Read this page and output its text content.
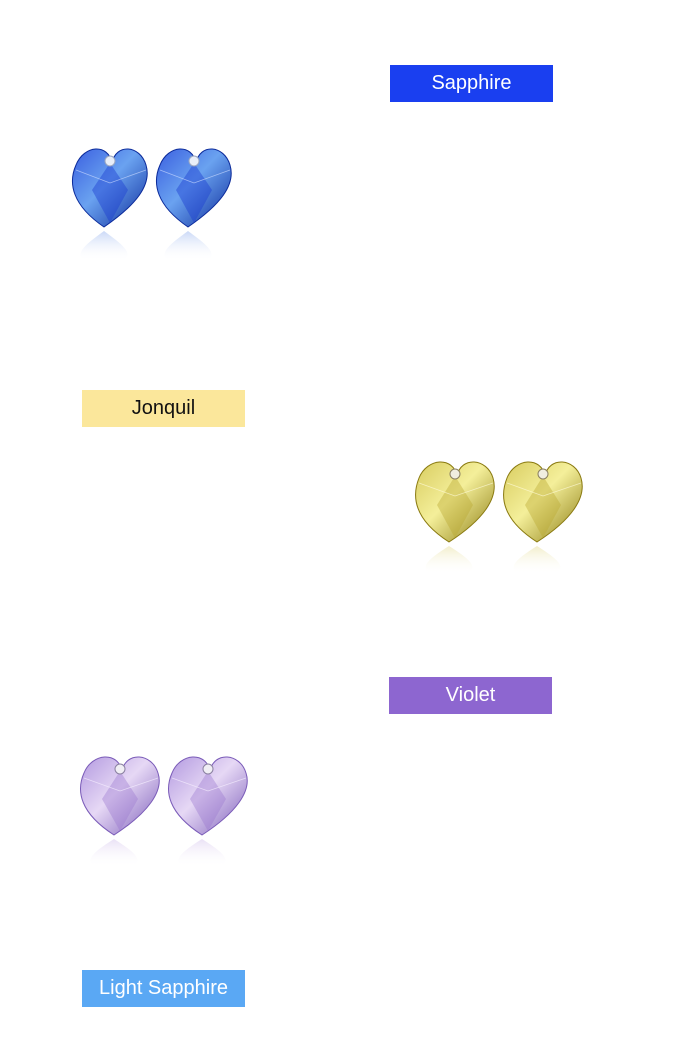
Sapphire
Jonquil
Violet
Light Sapphire
